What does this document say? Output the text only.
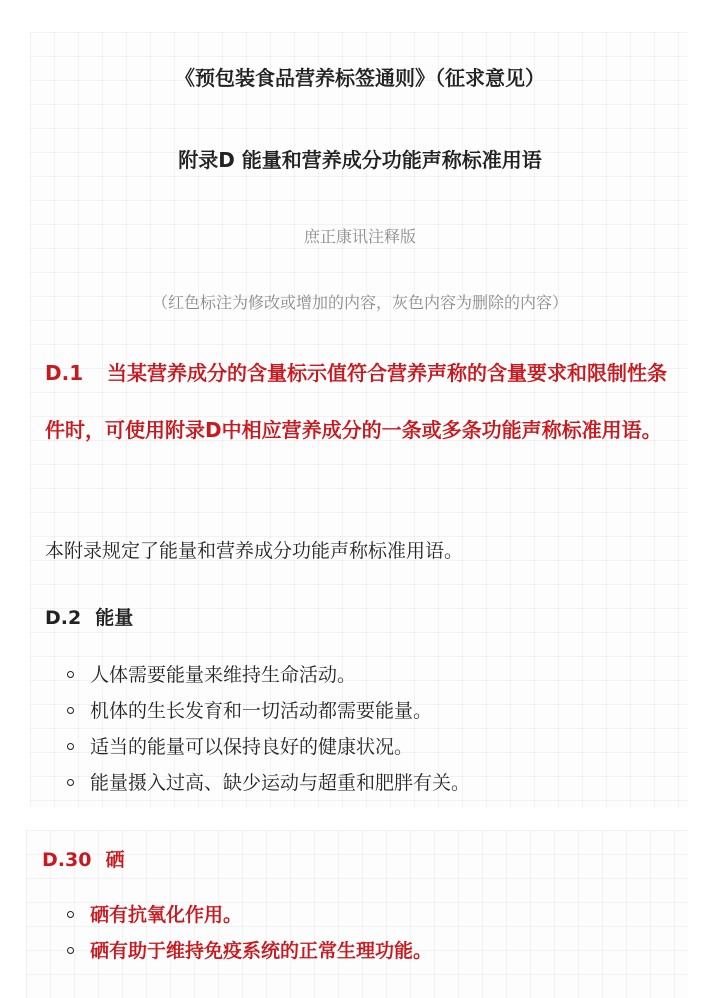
《预包装食品营养标签通则》（征求意见）
附录D 能量和营养成分功能声称标准用语
庶正康讯注释版
（红色标注为修改或增加的内容，灰色内容为删除的内容）
D.1 当某营养成分的含量标示值符合营养声称的含量要求和限制性条件时，可使用附录D中相应营养成分的一条或多条功能声称标准用语。
本附录规定了能量和营养成分功能声称标准用语。
D.2 能量
人体需要能量来维持生命活动。
机体的生长发育和一切活动都需要能量。
适当的能量可以保持良好的健康状况。
能量摄入过高、缺少运动与超重和肥胖有关。
D.30 硒
硒有抗氧化作用。
硒有助于维持免疫系统的正常生理功能。
